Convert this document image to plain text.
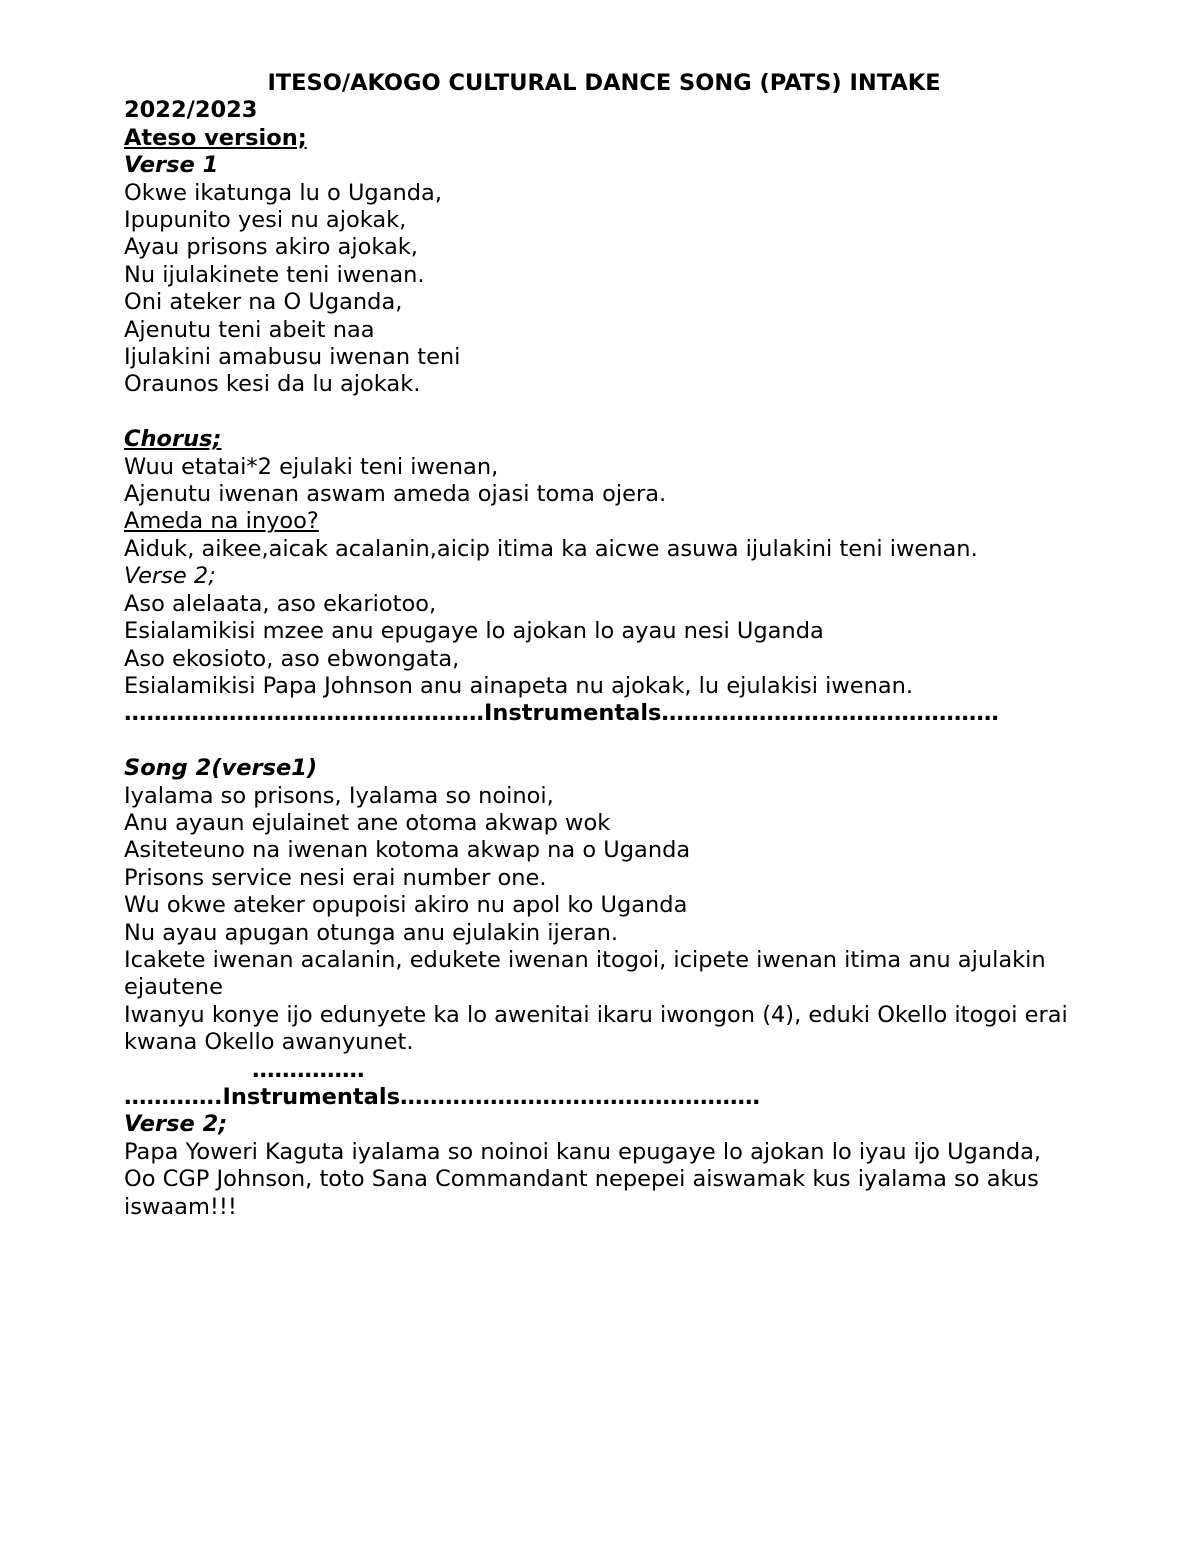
ITESO/AKOGO CULTURAL DANCE SONG (PATS) INTAKE
2022/2023
Ateso version;
Verse 1
Okwe ikatunga lu o Uganda,
Ipupunito yesi nu ajokak,
Ayau prisons akiro ajokak,
Nu ijulakinete teni iwenan.
Oni ateker na O Uganda,
Ajenutu teni abeit naa
Ijulakini amabusu iwenan teni
Oraunos kesi da lu ajokak.
Chorus;
Wuu etatai*2 ejulaki teni iwenan,
Ajenutu iwenan aswam ameda ojasi toma ojera.
Ameda na inyoo?
Aiduk, aikee,aicak acalanin,aicip itima ka aicwe asuwa ijulakini teni iwenan.
Verse 2;
Aso alelaata, aso ekariotoo,
Esialamikisi mzee anu epugaye lo ajokan lo ayau nesi Uganda
Aso ekosioto, aso ebwongata,
Esialamikisi Papa Johnson anu ainapeta nu ajokak, lu ejulakisi iwenan.
…………………………………………Instrumentals………………………………………
Song 2(verse1)
Iyalama so prisons, Iyalama so noinoi,
Anu ayaun ejulainet ane otoma akwap wok
Asiteteuno na iwenan kotoma akwap na o Uganda
Prisons service nesi erai number one.
Wu okwe ateker opupoisi akiro nu apol ko Uganda
Nu ayau apugan otunga anu ejulakin ijeran.
Icakete iwenan acalanin, edukete iwenan itogoi, icipete iwenan itima anu ajulakin ejautene
Iwanyu konye ijo edunyete ka lo awenitai ikaru iwongon (4), eduki Okello itogoi erai kwana Okello awanyunet.
……………
………….Instrumentals…………………………………………
Verse 2;
Papa Yoweri Kaguta iyalama so noinoi kanu epugaye lo ajokan lo iyau ijo Uganda,
Oo CGP Johnson, toto Sana Commandant nepepei aiswamak kus iyalama so akus iswaam!!!
